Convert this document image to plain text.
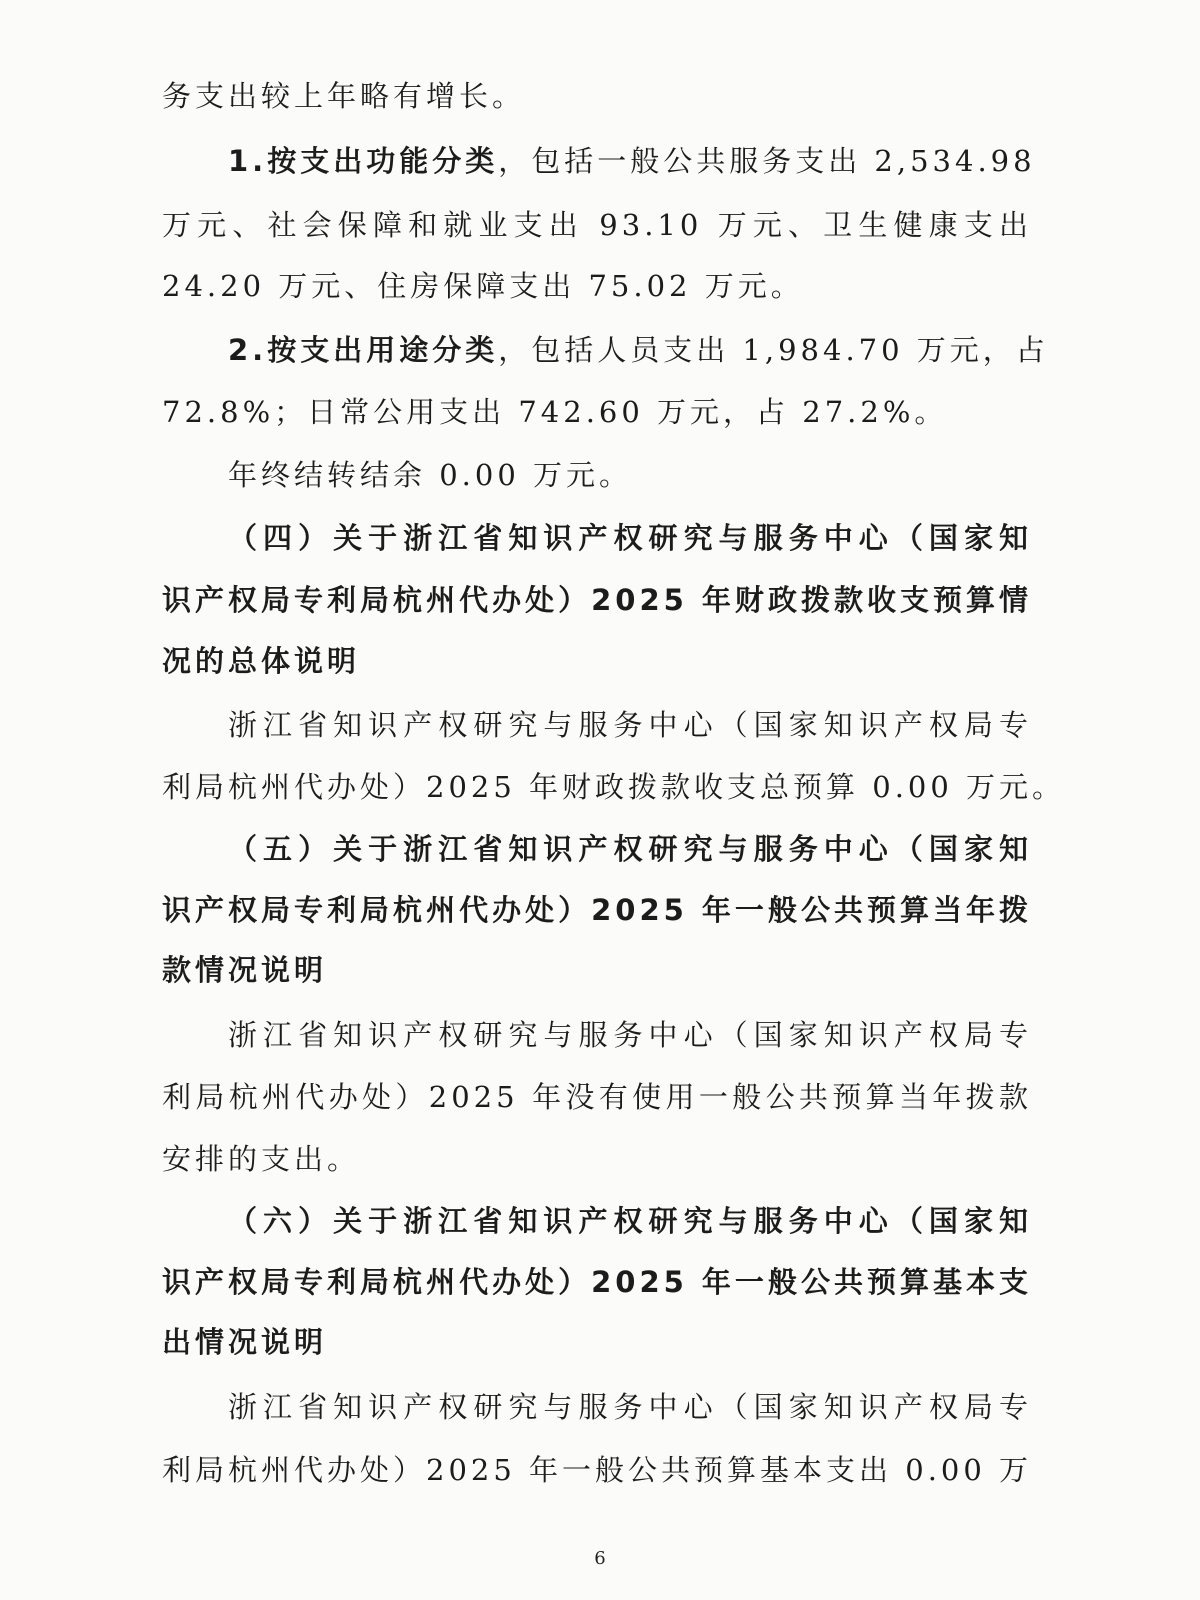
务支出较上年略有增长。
1.按支出功能分类，包括一般公共服务支出 2,534.98
万元、社会保障和就业支出 93.10 万元、卫生健康支出
24.20 万元、住房保障支出 75.02 万元。
2.按支出用途分类，包括人员支出 1,984.70 万元，占
72.8%；日常公用支出 742.60 万元，占 27.2%。
年终结转结余 0.00 万元。
（四）关于浙江省知识产权研究与服务中心（国家知
识产权局专利局杭州代办处）2025 年财政拨款收支预算情
况的总体说明
浙江省知识产权研究与服务中心（国家知识产权局专
利局杭州代办处）2025 年财政拨款收支总预算 0.00 万元。
（五）关于浙江省知识产权研究与服务中心（国家知
识产权局专利局杭州代办处）2025 年一般公共预算当年拨
款情况说明
浙江省知识产权研究与服务中心（国家知识产权局专
利局杭州代办处）2025 年没有使用一般公共预算当年拨款
安排的支出。
（六）关于浙江省知识产权研究与服务中心（国家知
识产权局专利局杭州代办处）2025 年一般公共预算基本支
出情况说明
浙江省知识产权研究与服务中心（国家知识产权局专
利局杭州代办处）2025 年一般公共预算基本支出 0.00 万
6
